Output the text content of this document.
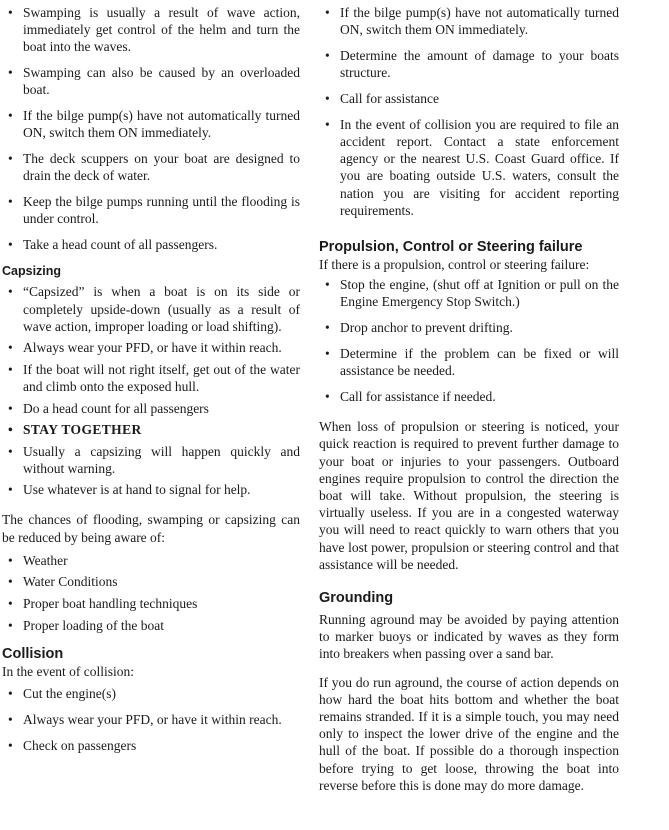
• Swamping is usually a result of wave action, immediately get control of the helm and turn the boat into the waves.
• Swamping can also be caused by an overloaded boat.
• If the bilge pump(s) have not automatically turned ON, switch them ON immediately.
• The deck scuppers on your boat are designed to drain the deck of water.
• Keep the bilge pumps running until the flooding is under control.
• Take a head count of all passengers.
Capsizing
• “Capsized” is when a boat is on its side or completely upside-down (usually as a result of wave action, improper loading or load shifting).
• Always wear your PFD, or have it within reach.
• If the boat will not right itself, get out of the water and climb onto the exposed hull.
• Do a head count for all passengers
• STAY TOGETHER
• Usually a capsizing will happen quickly and without warning.
• Use whatever is at hand to signal for help.

The chances of flooding, swamping or capsizing can be reduced by being aware of:

• Weather
• Water Conditions
• Proper boat handling techniques
• Proper loading of the boat
Collision

In the event of collision:

• Cut the engine(s)
• Always wear your PFD, or have it within reach.
• Check on passengers
• If the bilge pump(s) have not automatically turned ON, switch them ON immediately.
• Determine the amount of damage to your boats structure.
• Call for assistance
• In the event of collision you are required to file an accident report. Contact a state enforcement agency or the nearest U.S. Coast Guard office. If you are boating outside U.S. waters, consult the nation you are visiting for accident reporting requirements.
Propulsion, Control or Steering failure

If there is a propulsion, control or steering failure:

• Stop the engine, (shut off at Ignition or pull on the Engine Emergency Stop Switch.)
• Drop anchor to prevent drifting.
• Determine if the problem can be fixed or will assistance be needed.
• Call for assistance if needed.

When loss of propulsion or steering is noticed, your quick reaction is required to prevent further damage to your boat or injuries to your passengers. Outboard engines require propulsion to control the direction the boat will take. Without propulsion, the steering is virtually useless. If you are in a congested waterway you will need to react quickly to warn others that you have lost power, propulsion or steering control and that assistance will be needed.

Grounding

Running aground may be avoided by paying attention to marker buoys or indicated by waves as they form into breakers when passing over a sand bar.

If you do run aground, the course of action depends on how hard the boat hits bottom and whether the boat remains stranded. If it is a simple touch, you may need only to inspect the lower drive of the engine and the hull of the boat. If possible do a thorough inspection before trying to get loose, throwing the boat into reverse before this is done may do more damage.
